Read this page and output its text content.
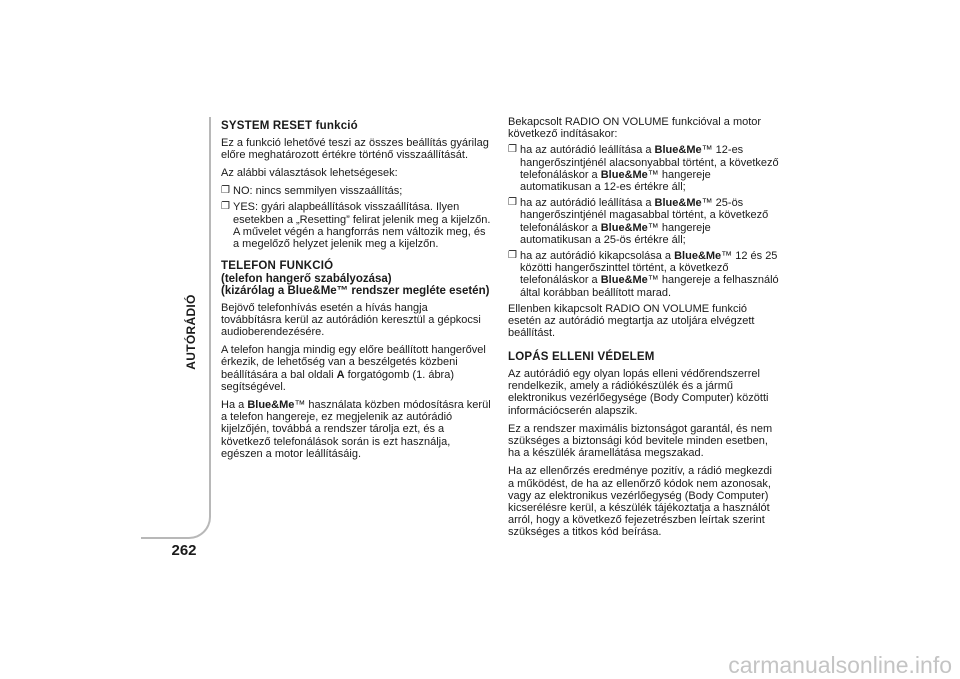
AUTÓRÁDIÓ
262
SYSTEM RESET funkció

Ez a funkció lehetővé teszi az összes beállítás gyárilag előre meghatározott értékre történő visszaállítását.

Az alábbi választások lehetségesek:

❐ NO: nincs semmilyen visszaállítás;
❐ YES: gyári alapbeállítások visszaállítása. Ilyen esetekben a „Resetting” felirat jelenik meg a kijelzőn. A művelet végén a hangforrás nem változik meg, és a megelőző helyzet jelenik meg a kijelzőn.
TELEFON FUNKCIÓ
(telefon hangerő szabályozása)
(kizárólag a Blue&Me™ rendszer megléte esetén)

Bejövő telefonhívás esetén a hívás hangja továbbításra kerül az autórádión keresztül a gépkocsi audioberendezésére.

A telefon hangja mindig egy előre beállított hangerővel érkezik, de lehetőség van a beszélgetés közbeni beállítására a bal oldali A forgatógomb (1. ábra) segítségével.

Ha a Blue&Me™ használata közben módosításra kerül a telefon hangereje, ez megjelenik az autórádió kijelzőjén, továbbá a rendszer tárolja ezt, és a következő telefonálások során is ezt használja, egészen a motor leállításáig.

Bekapcsolt RADIO ON VOLUME funkcióval a motor következő indításakor:

❐ ha az autórádió leállítása a Blue&Me™ 12-es hangerőszintjénél alacsonyabbal történt, a következő telefonáláskor a Blue&Me™ hangereje automatikusan a 12-es értékre áll;
❐ ha az autórádió leállítása a Blue&Me™ 25-ös hangerőszintjénél magasabbal történt, a következő telefonáláskor a Blue&Me™ hangereje automatikusan a 25-ös értékre áll;
❐ ha az autórádió kikapcsolása a Blue&Me™ 12 és 25 közötti hangerőszinttel történt, a következő telefonáláskor a Blue&Me™ hangereje a felhasználó által korábban beállított marad.

Ellenben kikapcsolt RADIO ON VOLUME funkció esetén az autórádió megtartja az utoljára elvégzett beállítást.

LOPÁS ELLENI VÉDELEM

Az autórádió egy olyan lopás elleni védőrendszerrel rendelkezik, amely a rádiókészülék és a jármű elektronikus vezérlőegysége (Body Computer) közötti információcserén alapszik.

Ez a rendszer maximális biztonságot garantál, és nem szükséges a biztonsági kód bevitele minden esetben, ha a készülék áramellátása megszakad.

Ha az ellenőrzés eredménye pozitív, a rádió megkezdi a működést, de ha az ellenőrző kódok nem azonosak, vagy az elektronikus vezérlőegység (Body Computer) kicserélésre kerül, a készülék tájékoztatja a használót arról, hogy a következő fejezetrészben leírtak szerint szükséges a titkos kód beírása.

carmanualsonline.info
